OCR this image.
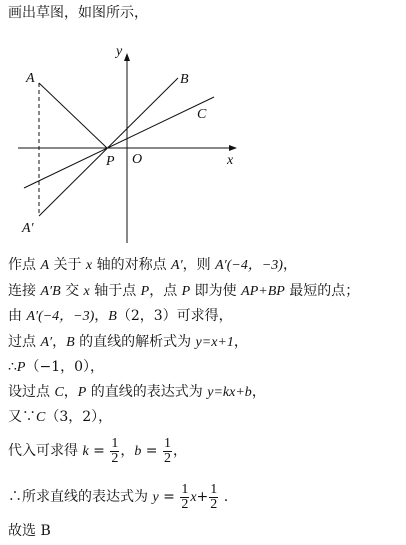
画出草图，如图所示，
A
A′
B
C
P O	x
y
作点 A 关于 x 轴的对称点 A′，则 A′(−4，−3)，
连接 A′B 交 x 轴于点 P，点 P 即为使 AP+BP 最短的点；
由 A′(−4，−3)，B（2，3）可求得，
过点 A′，B 的直线的解析式为 y=x+1，
∴P（−1，0），
设过点 C，P 的直线的表达式为 y=kx+b，
又∵C（3，2），
代入可求得 $k = \frac{1}{2}$ ，$b = \frac{1}{2}$ ，
∴所求直线的表达式为 $y = \frac{1}{2} x+ \frac{1}{2}$ .
故选 B
